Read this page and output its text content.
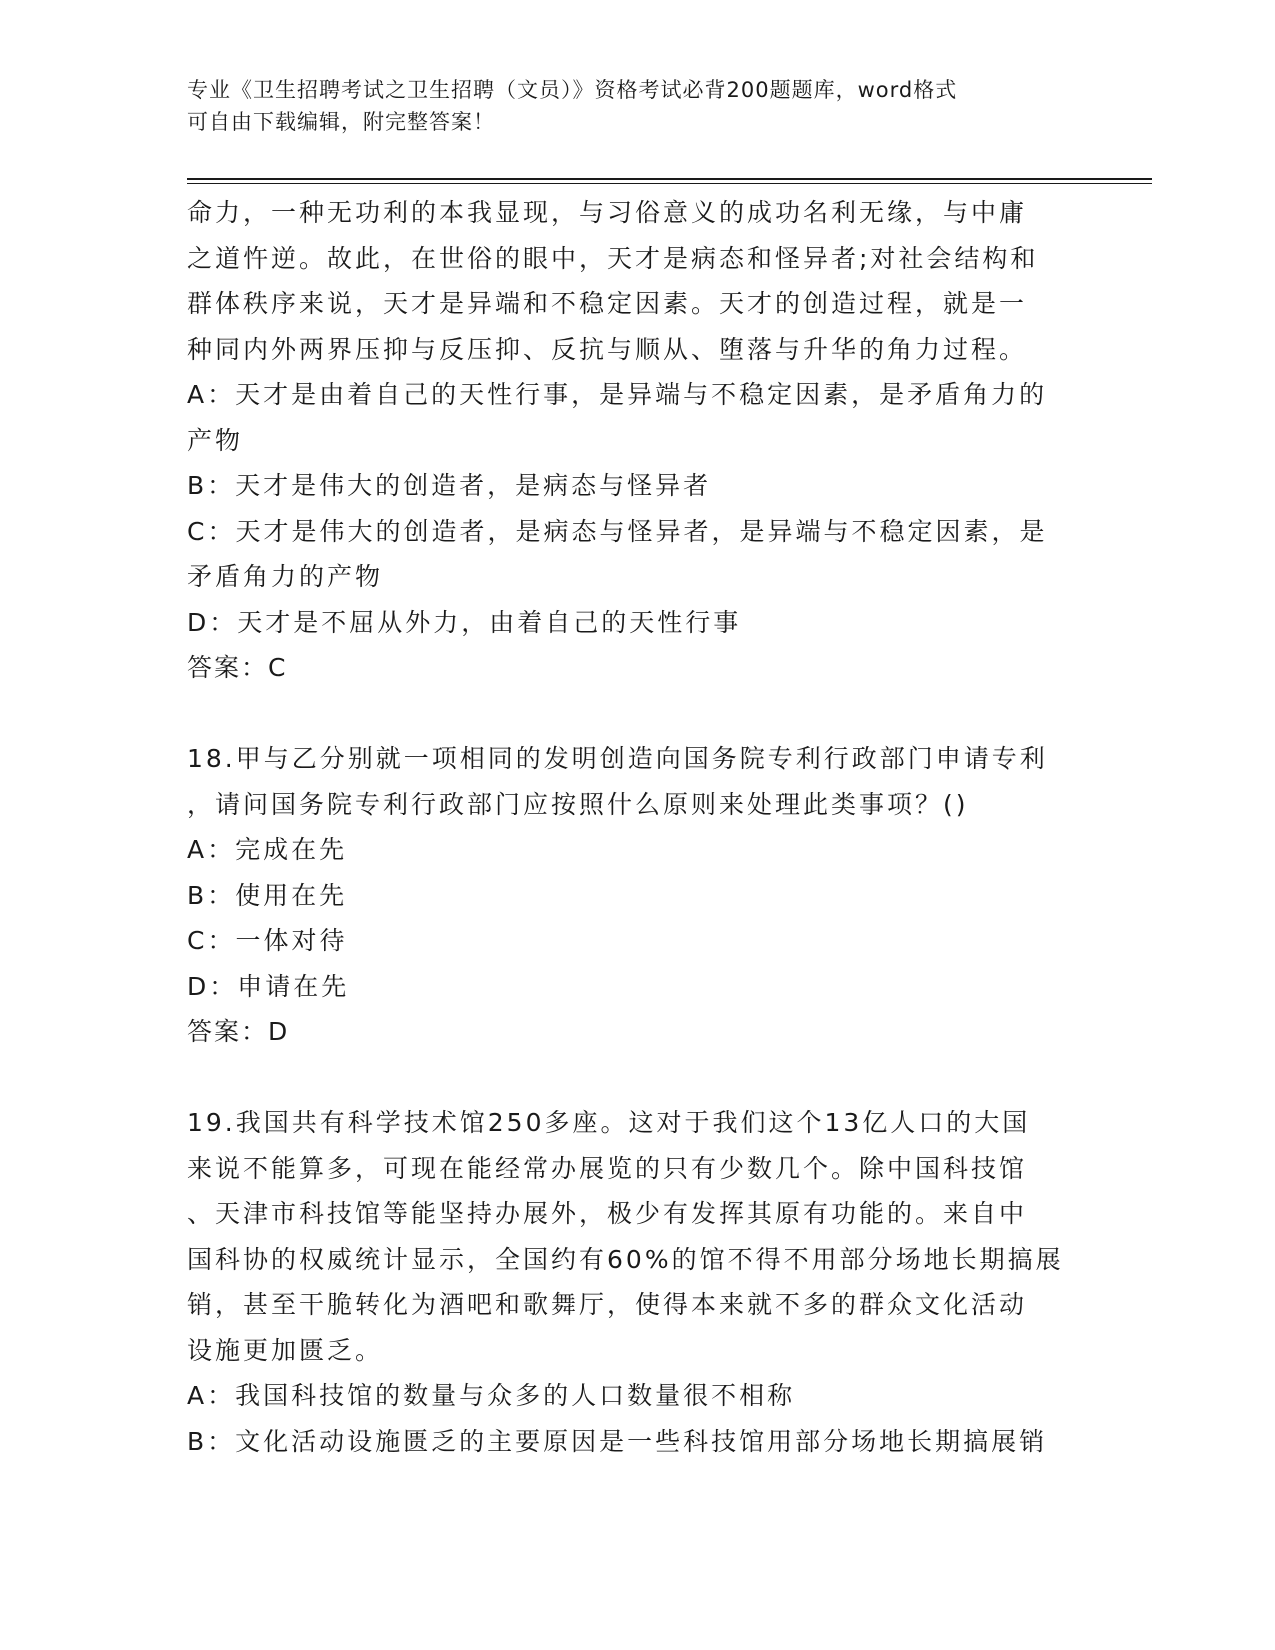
专业《卫生招聘考试之卫生招聘（文员）》资格考试必背200题题库，word格式
可自由下载编辑，附完整答案！
命力，一种无功利的本我显现，与习俗意义的成功名利无缘，与中庸
之道忤逆。故此，在世俗的眼中，天才是病态和怪异者;对社会结构和
群体秩序来说，天才是异端和不稳定因素。天才的创造过程，就是一
种同内外两界压抑与反压抑、反抗与顺从、堕落与升华的角力过程。
A：天才是由着自己的天性行事，是异端与不稳定因素，是矛盾角力的
产物
B：天才是伟大的创造者，是病态与怪异者
C：天才是伟大的创造者，是病态与怪异者，是异端与不稳定因素，是
矛盾角力的产物
D：天才是不屈从外力，由着自己的天性行事
答案：C
18.甲与乙分别就一项相同的发明创造向国务院专利行政部门申请专利
，请问国务院专利行政部门应按照什么原则来处理此类事项？()
A：完成在先
B：使用在先
C：一体对待
D：申请在先
答案：D
19.我国共有科学技术馆250多座。这对于我们这个13亿人口的大国
来说不能算多，可现在能经常办展览的只有少数几个。除中国科技馆
、天津市科技馆等能坚持办展外，极少有发挥其原有功能的。来自中
国科协的权威统计显示，全国约有60%的馆不得不用部分场地长期搞展
销，甚至干脆转化为酒吧和歌舞厅，使得本来就不多的群众文化活动
设施更加匮乏。
A：我国科技馆的数量与众多的人口数量很不相称
B：文化活动设施匮乏的主要原因是一些科技馆用部分场地长期搞展销
